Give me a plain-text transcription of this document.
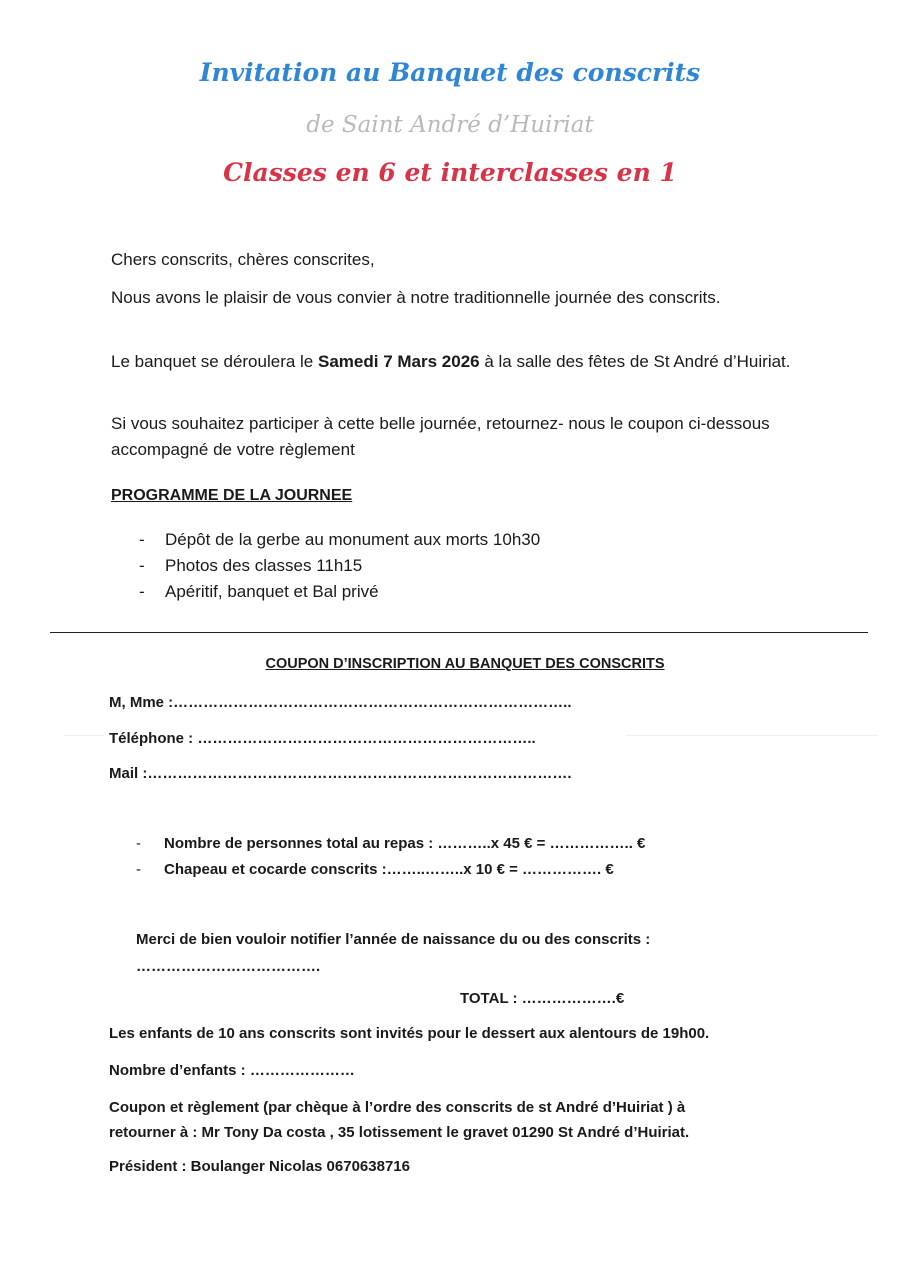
Invitation au Banquet des conscrits
de Saint André d’Huiriat
Classes en 6 et interclasses en 1

Chers conscrits, chères conscrites,

Nous avons le plaisir de vous convier à notre traditionnelle journée des conscrits.

Le banquet se déroulera le Samedi 7 Mars 2026 à la salle des fêtes de St André d’Huiriat.

Si vous souhaitez participer à cette belle journée, retournez- nous le coupon ci-dessous accompagné de votre règlement

PROGRAMME DE LA JOURNEE
- Dépôt de la gerbe au monument aux morts 10h30
- Photos des classes 11h15
- Apéritif, banquet et Bal privé
COUPON D’INSCRIPTION AU BANQUET DES CONSCRITS
M, Mme :……………………………………………………………………..
Téléphone : …………………………………………………………..
Mail :………………………………………………………………………….
- Nombre de personnes total au repas : ………..x 45 € = …………….. €
- Chapeau et cocarde conscrits :……..……..x 10 € = ……………. €
Merci de bien vouloir notifier l’année de naissance du ou des conscrits :
……………………………….
TOTAL : ……………….€
Les enfants de 10 ans conscrits sont invités pour le dessert aux alentours de 19h00.
Nombre d’enfants : …………………
Coupon et règlement (par chèque à l’ordre des conscrits de st André d’Huiriat ) à
retourner à : Mr Tony Da costa , 35 lotissement le gravet 01290 St André d’Huiriat.
Président : Boulanger Nicolas 0670638716
